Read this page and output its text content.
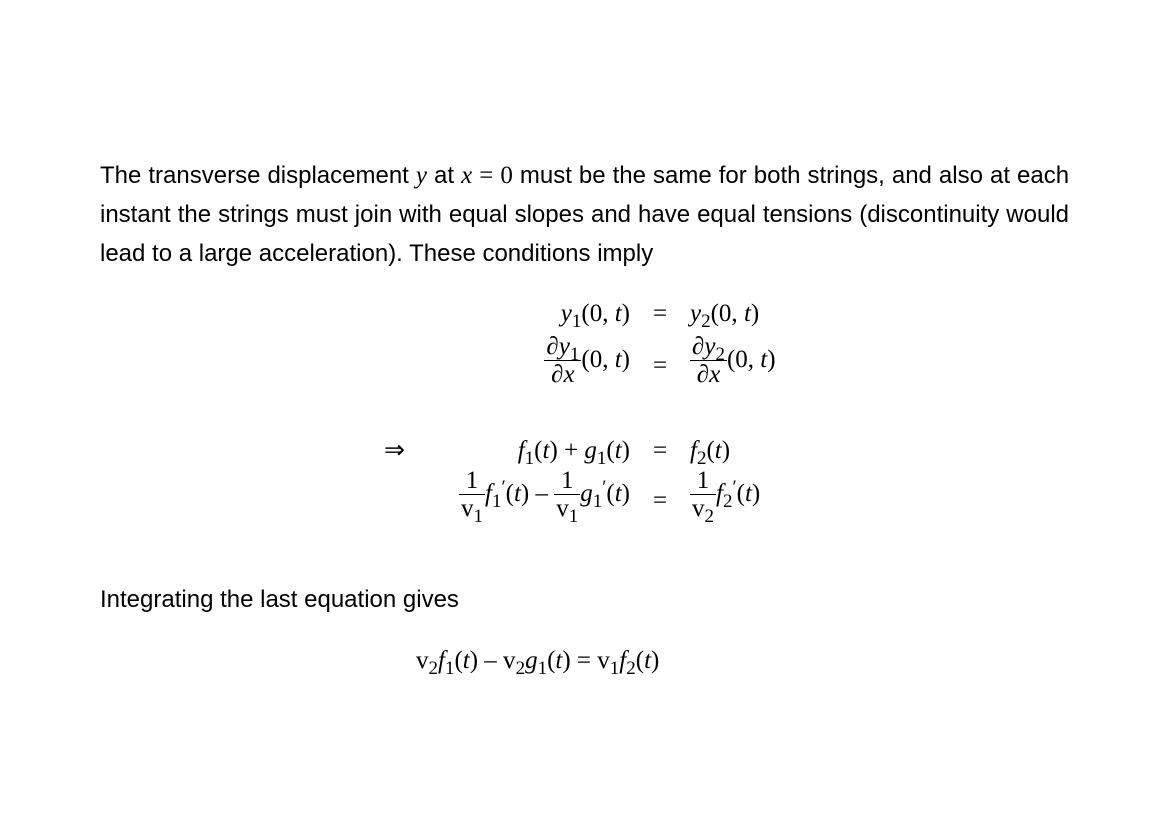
The transverse displacement y at x = 0 must be the same for both strings, and also at each instant the strings must join with equal slopes and have equal tensions (discontinuity would lead to a large acceleration). These conditions imply

$y_1(0$, $t) = y_2(0$, t)
$\frac{\partial y_1}{\partial x} (0$, $t) = \frac{\partial y_2}{\partial x} (0$, t)
⇒	$f_1(t) + g_1(t) = f_2(t)$
$\frac{1}{v_1} f_1'(t) - \frac{1}{v_1} g_1'(t) = \frac{1}{v_2} f_2'(t)$

Integrating the last equation gives

$v_2f_1(t) - v_2g_1(t) = v_1f_2(t)$
